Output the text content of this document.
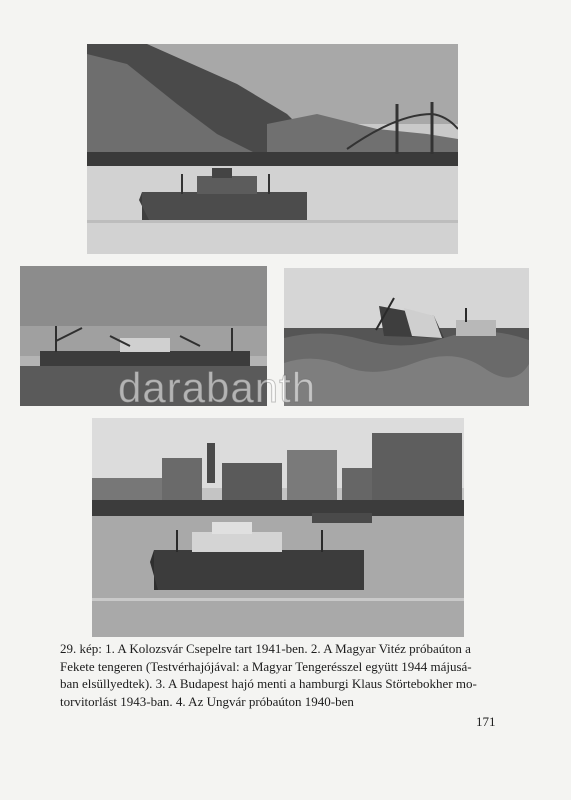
darabanth

29. kép: 1. A Kolozsvár Csepelre tart 1941-ben. 2. A Magyar Vitéz próbaúton a

Fekete tengeren (Testvérhajójával: a Magyar Tengerésszel együtt 1944 májusá-

ban elsüllyedtek). 3. A Budapest hajó menti a hamburgi Klaus Störtebokher mo-

torvitorlást 1943-ban. 4. Az Ungvár próbaúton 1940-ben

171
